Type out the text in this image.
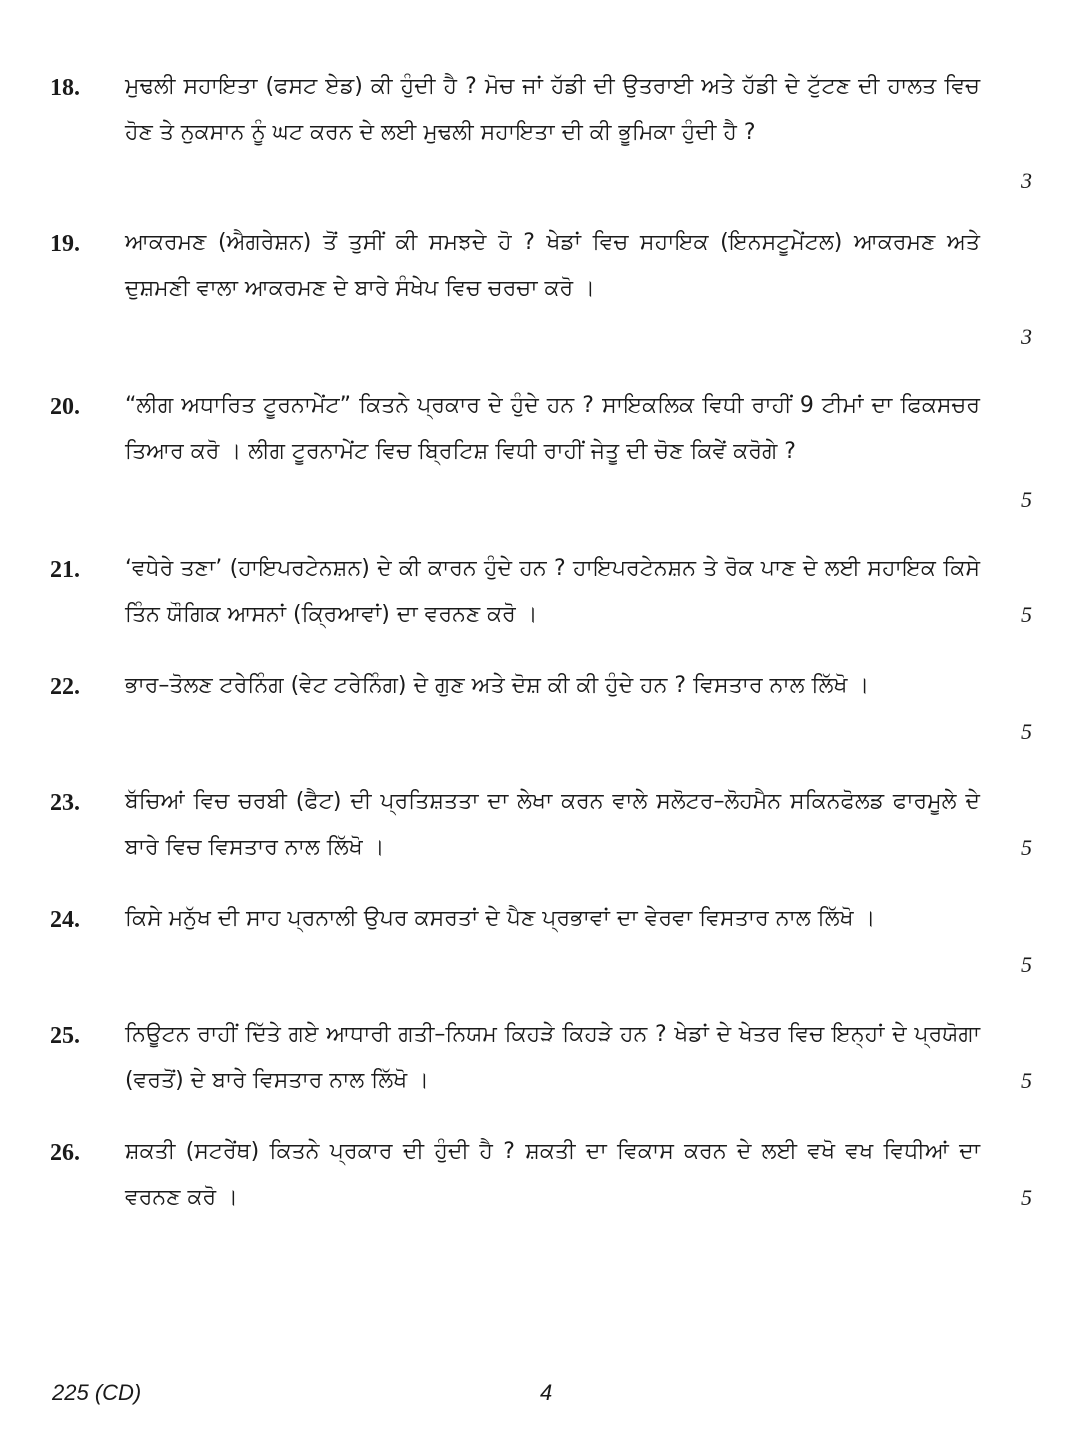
18. ਮੁਢਲੀ ਸਹਾਇਤਾ (ਫਸਟ ਏਡ) ਕੀ ਹੁੰਦੀ ਹੈ ? ਮੋਚ ਜਾਂ ਹੱਡੀ ਦੀ ਉਤਰਾਈ ਅਤੇ ਹੱਡੀ ਦੇ ਟੁੱਟਣ ਦੀ ਹਾਲਤ ਵਿਚ ਹੋਣ ਤੇ ਨੁਕਸਾਨ ਨੂੰ ਘਟ ਕਰਨ ਦੇ ਲਈ ਮੁਢਲੀ ਸਹਾਇਤਾ ਦੀ ਕੀ ਭੂਮਿਕਾ ਹੁੰਦੀ ਹੈ ?
3
19. ਆਕਰਮਣ (ਐਗਰੇਸ਼ਨ) ਤੋਂ ਤੁਸੀਂ ਕੀ ਸਮਝਦੇ ਹੋ ? ਖੇਡਾਂ ਵਿਚ ਸਹਾਇਕ (ਇਨਸਟੂਮੇਂਟਲ) ਆਕਰਮਣ ਅਤੇ ਦੁਸ਼ਮਣੀ ਵਾਲਾ ਆਕਰਮਣ ਦੇ ਬਾਰੇ ਸੰਖੇਪ ਵਿਚ ਚਰਚਾ ਕਰੋ ।
3
20. “ਲੀਗ ਅਧਾਰਿਤ ਟੂਰਨਾਮੇਂਟ” ਕਿਤਨੇ ਪ੍ਰਕਾਰ ਦੇ ਹੁੰਦੇ ਹਨ ? ਸਾਇਕਲਿਕ ਵਿਧੀ ਰਾਹੀਂ 9 ਟੀਮਾਂ ਦਾ ਫਿਕਸਚਰ ਤਿਆਰ ਕਰੋ । ਲੀਗ ਟੂਰਨਾਮੇਂਟ ਵਿਚ ਬ੍ਰਿਟਿਸ਼ ਵਿਧੀ ਰਾਹੀਂ ਜੇਤੂ ਦੀ ਚੋਣ ਕਿਵੇਂ ਕਰੋਗੇ ?
5
21. ‘ਵਧੇਰੇ ਤਣਾ’ (ਹਾਇਪਰਟੇਨਸ਼ਨ) ਦੇ ਕੀ ਕਾਰਨ ਹੁੰਦੇ ਹਨ ? ਹਾਇਪਰਟੇਨਸ਼ਨ ਤੇ ਰੋਕ ਪਾਣ ਦੇ ਲਈ ਸਹਾਇਕ ਕਿਸੇ ਤਿੰਨ ਯੌਗਿਕ ਆਸਨਾਂ (ਕ੍ਰਿਆਵਾਂ) ਦਾ ਵਰਨਣ ਕਰੋ ।	5
22. ਭਾਰ–ਤੋਲਣ ਟਰੇਨਿੰਗ (ਵੇਟ ਟਰੇਨਿੰਗ) ਦੇ ਗੁਣ ਅਤੇ ਦੋਸ਼ ਕੀ ਕੀ ਹੁੰਦੇ ਹਨ ? ਵਿਸਤਾਰ ਨਾਲ ਲਿੱਖੋ ।
5
23. ਬੱਚਿਆਂ ਵਿਚ ਚਰਬੀ (ਫੈਟ) ਦੀ ਪ੍ਰਤਿਸ਼ਤਤਾ ਦਾ ਲੇਖਾ ਕਰਨ ਵਾਲੇ ਸਲੋਟਰ–ਲੋਹਮੈਨ ਸਕਿਨਫੋਲਡ ਫਾਰਮੂਲੇ ਦੇ ਬਾਰੇ ਵਿਚ ਵਿਸਤਾਰ ਨਾਲ ਲਿੱਖੋ ।	5
24. ਕਿਸੇ ਮਨੁੱਖ ਦੀ ਸਾਹ ਪ੍ਰਨਾਲੀ ਉਪਰ ਕਸਰਤਾਂ ਦੇ ਪੈਣ ਪ੍ਰਭਾਵਾਂ ਦਾ ਵੇਰਵਾ ਵਿਸਤਾਰ ਨਾਲ ਲਿੱਖੋ ।
5
25. ਨਿਊਟਨ ਰਾਹੀਂ ਦਿੱਤੇ ਗਏ ਆਧਾਰੀ ਗਤੀ–ਨਿਯਮ ਕਿਹੜੇ ਕਿਹੜੇ ਹਨ ? ਖੇਡਾਂ ਦੇ ਖੇਤਰ ਵਿਚ ਇਨ੍ਹਾਂ ਦੇ ਪ੍ਰਯੋਗਾ (ਵਰਤੋਂ) ਦੇ ਬਾਰੇ ਵਿਸਤਾਰ ਨਾਲ ਲਿੱਖੋ ।	5
26. ਸ਼ਕਤੀ (ਸਟਰੇਂਥ) ਕਿਤਨੇ ਪ੍ਰਕਾਰ ਦੀ ਹੁੰਦੀ ਹੈ ? ਸ਼ਕਤੀ ਦਾ ਵਿਕਾਸ ਕਰਨ ਦੇ ਲਈ ਵਖੋ ਵਖ ਵਿਧੀਆਂ ਦਾ ਵਰਨਣ ਕਰੋ ।	5
225 (CD)	4
